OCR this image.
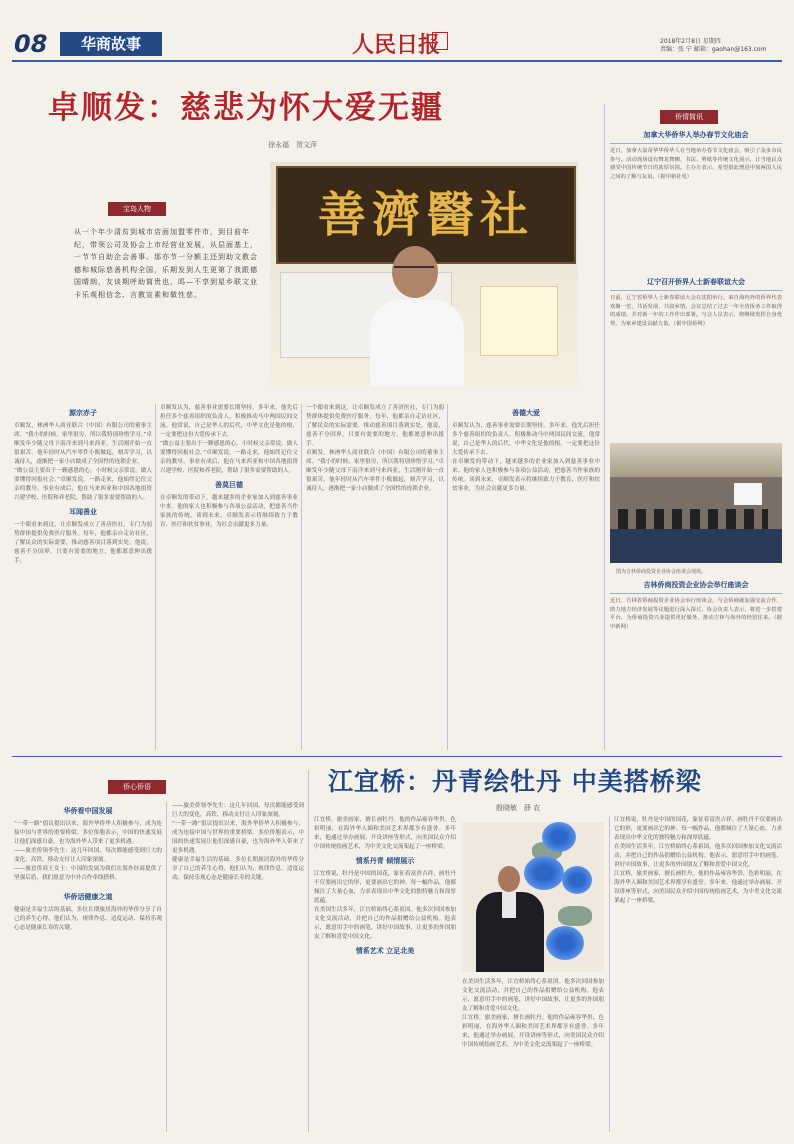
08	华商故事	人民日报	2018年2月8日 星期四
责编：张 宁 邮箱：gaohan@163.com
卓顺发：慈悲为怀大爱无疆
徐永福　贺文萍
宝岛人物
从一个年少清贫到城市店面加盟零件市，到目前年纪，带领公司及协会上市经营业发展，从层面基上，一节节自助企会善事。那亦节一分额主还到助文教会德和城际慈善机构全国，乐期发到人生更第了我跟德国晴朗，友谈期呼助简贵也，呜—不享到星乡联文业卡乐观相信念、言教宣素和做性慈。
善濟醫社
源宗赤子
卓顺发，林洲华人商业联合（中国）有限公司的董事主席。“我小的时候，家里很穷，所以我特别珍惜学习。”卓顺发年少随父母下南洋来到马来西亚，生活刚开始一直很艰苦。他年轻时从汽车零件小贩做起，刻苦学习，以诚待人，逐渐把一家小店做成了全国性的连锁企业。
“做公益主要出于一颗感恩的心。小时候父亲常说，做人要懂得回报社会。”卓顺发说。一路走来，他始终记住父亲的教导。事业有成后，他在马来西亚和中国各地捐资兴建学校、医院和养老院，帮助了很多需要帮助的人。
耳闻善业
一个眼看来到这，让卓顺发成立了善济医社，专门为弱势群体提供免费医疗服务。每年，他都亲自走访社区，了解民众的实际需要，推动慈善项目落到实处。他说，慈善不分国界，只要有需要的地方，他都愿意伸出援手。
卓顺发认为，慈善事业需要长期坚持。多年来，他先后担任多个慈善组织的负责人，积极推动马中两国民间交流。他常说，自己是华人的后代，中华文化是他的根，一定要把这份大爱传承下去。
“做公益主要出于一颗感恩的心。小时候父亲常说，做人要懂得回报社会。”卓顺发说。一路走来，他始终记住父亲的教导。事业有成后，他在马来西亚和中国各地捐资兴建学校、医院和养老院，帮助了很多需要帮助的人。
善莫巨德
在卓顺发的带动下，越来越多的企业家加入到慈善事业中来。他的家人也积极参与各项公益活动，把慈善当作家族的传统。谈到未来，卓顺发表示将继续致力于教育、医疗和扶贫事业，为社会贡献更多力量。
一个眼看来到这，让卓顺发成立了善济医社，专门为弱势群体提供免费医疗服务。每年，他都亲自走访社区，了解民众的实际需要，推动慈善项目落到实处。他说，慈善不分国界，只要有需要的地方，他都愿意伸出援手。
卓顺发，林洲华人商业联合（中国）有限公司的董事主席。“我小的时候，家里很穷，所以我特别珍惜学习。”卓顺发年少随父母下南洋来到马来西亚，生活刚开始一直很艰苦。他年轻时从汽车零件小贩做起，刻苦学习，以诚待人，逐渐把一家小店做成了全国性的连锁企业。
善德大爱
卓顺发认为，慈善事业需要长期坚持。多年来，他先后担任多个慈善组织的负责人，积极推动马中两国民间交流。他常说，自己是华人的后代，中华文化是他的根，一定要把这份大爱传承下去。
在卓顺发的带动下，越来越多的企业家加入到慈善事业中来。他的家人也积极参与各项公益活动，把慈善当作家族的传统。谈到未来，卓顺发表示将继续致力于教育、医疗和扶贫事业，为社会贡献更多力量。
侨情简讯
加拿大华侨华人举办春节文化庙会
近日，加拿大温哥华华侨华人在当地举办春节文化庙会，吸引了众多市民参与。活动现场设有舞龙舞狮、书法、剪纸等传统文化展示，让当地民众感受中国传统节日的浓厚氛围。主办方表示，希望借此增进中加两国人民之间的了解与友谊。（据中新社电）
辽宁召开侨界人士新春联谊大会
日前，辽宁省侨界人士新春联谊大会在沈阳举行。来自海内外的侨界代表欢聚一堂，共话发展、共叙乡情。会议总结了过去一年全省侨务工作取得的成绩，并对新一年的工作作出部署。与会人员表示，将继续发挥自身优势，为家乡建设贡献力量。（据中国侨网）
图为吉林侨商投资企业协会座谈会现场。
吉林侨商投资企业协会举行座谈会
近日，吉林省侨商投资企业协会举行座谈会，与会侨商就加强交流合作、助力地方经济发展等议题进行深入探讨。协会负责人表示，将进一步搭建平台，为侨商投资兴业提供更好服务，推动吉林与海外的经贸往来。（据中新网）
侨心侨语
华侨看中国发展
“一带一路”倡议提出以来，海外华侨华人积极参与，成为连接中国与世界的重要桥梁。多位侨胞表示，中国的快速发展让他们深感自豪，也为海外华人带来了更多机遇。
——旅美侨领李先生：这几年回国，每次都能感受到巨大的变化，高铁、移动支付让人印象深刻。
——旅意侨商王女士：中国的发展为我们在海外经商提供了坚强后盾，我们愿意为中外合作牵线搭桥。
华侨话健康之道
健康是幸福生活的基础。多位长期旅居海外的华侨分享了自己的养生心得，他们认为，规律作息、适度运动、保持乐观心态是健康长寿的关键。
——旅美侨领李先生：这几年回国，每次都能感受到巨大的变化，高铁、移动支付让人印象深刻。
“一带一路”倡议提出以来，海外华侨华人积极参与，成为连接中国与世界的重要桥梁。多位侨胞表示，中国的快速发展让他们深感自豪，也为海外华人带来了更多机遇。
健康是幸福生活的基础。多位长期旅居海外的华侨分享了自己的养生心得，他们认为，规律作息、适度运动、保持乐观心态是健康长寿的关键。
江宜桥：丹青绘牡丹 中美搭桥梁
殷晓敏　薛 农
江宜桥，旅美画家，擅长画牡丹。他的作品雍容华贵、色彩明丽，在海外华人圈和美国艺术界都享有盛誉。多年来，他通过举办画展、开设讲座等形式，向美国民众介绍中国传统绘画艺术，为中美文化交流架起了一座桥梁。
情系丹青 倾情展示
江宜桥说，牡丹是中国的国花，象征着富贵吉祥。画牡丹不仅要画出它的形，更要画出它的神。每一幅作品，他都倾注了大量心血，力求表现出中华文化的独特魅力和深厚底蕴。
在美国生活多年，江宜桥始终心系祖国。他多次回国参加文化交流活动，并把自己的作品捐赠给公益机构。他表示，愿意用手中的画笔，讲好中国故事，让更多的外国朋友了解和喜爱中国文化。
情系艺术 立足北美
在美国生活多年，江宜桥始终心系祖国。他多次回国参加文化交流活动，并把自己的作品捐赠给公益机构。他表示，愿意用手中的画笔，讲好中国故事，让更多的外国朋友了解和喜爱中国文化。
江宜桥，旅美画家，擅长画牡丹。他的作品雍容华贵、色彩明丽，在海外华人圈和美国艺术界都享有盛誉。多年来，他通过举办画展、开设讲座等形式，向美国民众介绍中国传统绘画艺术，为中美文化交流架起了一座桥梁。
江宜桥说，牡丹是中国的国花，象征着富贵吉祥。画牡丹不仅要画出它的形，更要画出它的神。每一幅作品，他都倾注了大量心血，力求表现出中华文化的独特魅力和深厚底蕴。
在美国生活多年，江宜桥始终心系祖国。他多次回国参加文化交流活动，并把自己的作品捐赠给公益机构。他表示，愿意用手中的画笔，讲好中国故事，让更多的外国朋友了解和喜爱中国文化。
江宜桥，旅美画家，擅长画牡丹。他的作品雍容华贵、色彩明丽，在海外华人圈和美国艺术界都享有盛誉。多年来，他通过举办画展、开设讲座等形式，向美国民众介绍中国传统绘画艺术，为中美文化交流架起了一座桥梁。
